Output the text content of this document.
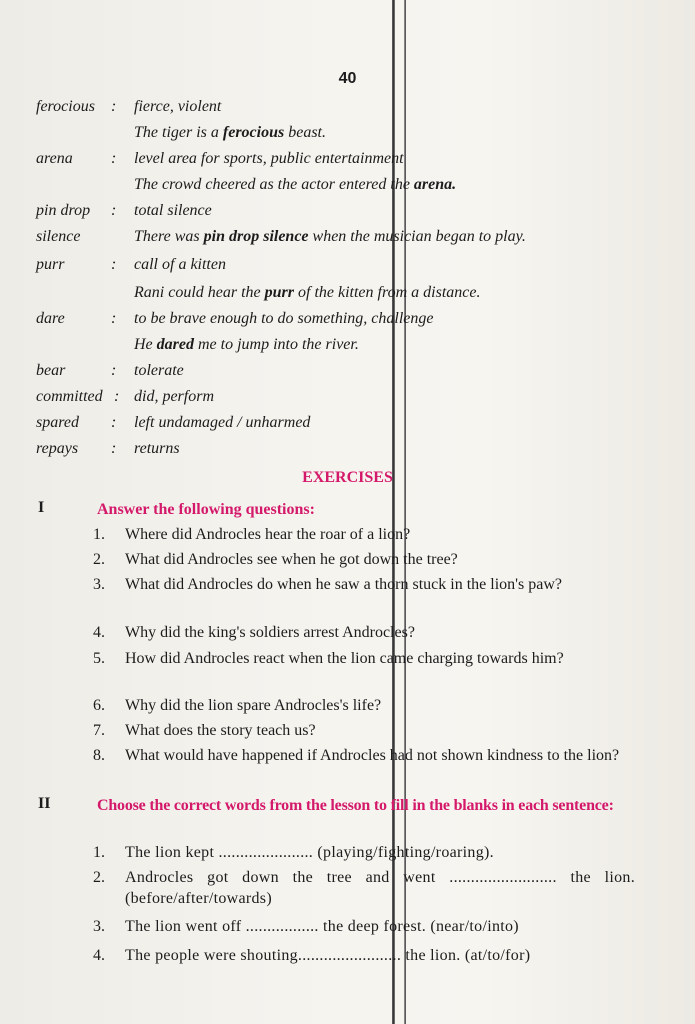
40
ferocious : fierce, violent
The tiger is a ferocious beast.
arena : level area for sports, public entertainment
The crowd cheered as the actor entered the arena.
pin drop : total silence
silence	There was pin drop silence when the musician began to play.
purr	: call of a kitten
Rani could hear the purr of the kitten from a distance.
dare	: to be brave enough to do something, challenge
He dared me to jump into the river.
bear	: tolerate
committed : did, perform
spared : left undamaged / unharmed
repays : returns
EXERCISES
I	Answer the following questions:
1. Where did Androcles hear the roar of a lion?
2. What did Androcles see when he got down the tree?
3. What did Androcles do when he saw a thorn stuck in the lion's paw?
4. Why did the king's soldiers arrest Androcles?
5. How did Androcles react when the lion came charging towards him?
6. Why did the lion spare Androcles's life?
7. What does the story teach us?
8. What would have happened if Androcles had not shown kindness to the lion?
II	Choose the correct words from the lesson to fill in the blanks in each sentence:
1. The lion kept ...................... (playing/fighting/roaring).
2. Androcles got down the tree and went ......................... the lion. (before/after/towards)
3. The lion went off ................. the deep forest. (near/to/into)
4. The people were shouting........................ the lion. (at/to/for)
